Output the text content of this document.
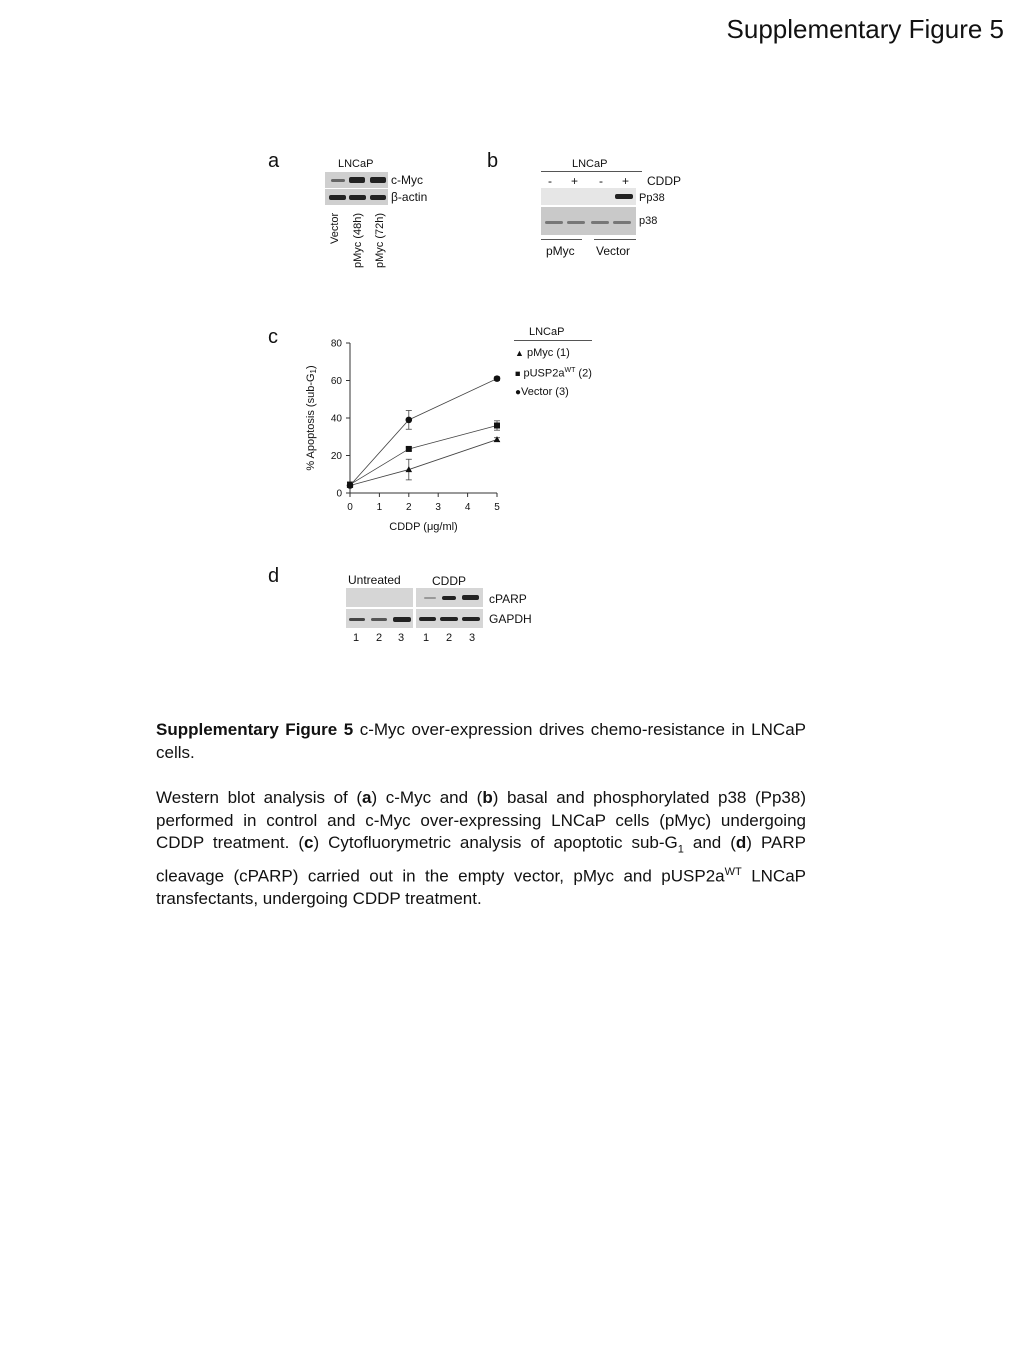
Supplementary Figure 5
a	LNCaP
c-Myc
β-actin
Vector pMyc (48h) pMyc (72h)
b	LNCaP
- + - + CDDP
Pp38
p38
pMyc Vector
c
0
20
40
60
80
0 1 2 3 4 5
% Apoptosis (sub-G1)
CDDP (μg/ml)
LNCaP
▲ pMyc (1)
■ $pUSP2a^{WT}$ (2)
●Vector (3)
d	Untreated	CDDP
cPARP
GAPDH
1 2 3 1 2 3
Supplementary Figure 5 c-Myc over-expression drives chemo-resistance in LNCaP cells.
Western blot analysis of (a) c-Myc and (b) basal and phosphorylated p38 (Pp38) performed in control and c-Myc over-expressing LNCaP cells (pMyc) undergoing CDDP treatment. (c) Cytofluorymetric analysis of apoptotic sub-$G_1$ and (d) PARP cleavage (cPARP) carried out in the empty vector, pMyc and $pUSP2a^{WT}$ LNCaP transfectants, undergoing CDDP treatment.
